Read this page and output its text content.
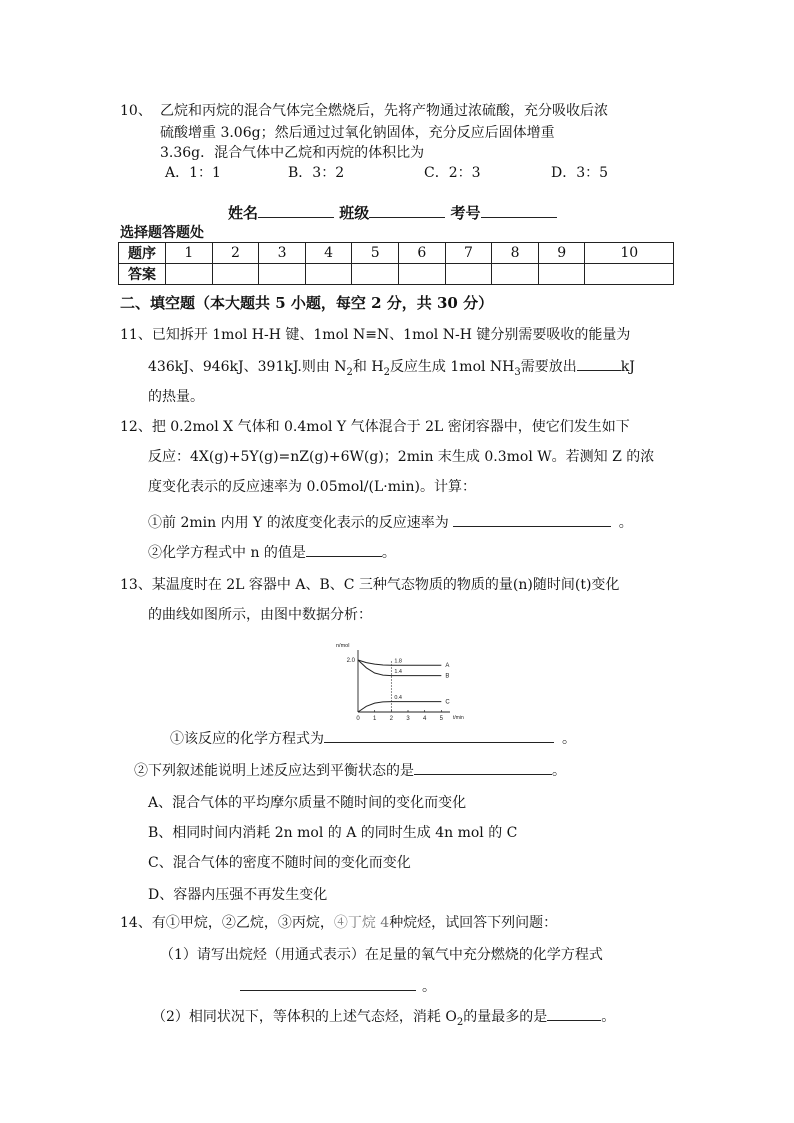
10、 乙烷和丙烷的混合气体完全燃烧后，先将产物通过浓硫酸，充分吸收后浓
硫酸增重 3.06g；然后通过过氧化钠固体，充分反应后固体增重
3.36g．混合气体中乙烷和丙烷的体积比为
A．1：1	B．3：2	C．2：3	D．3：5
姓名	班级	考号
选择题答题处
题序	1	2	3	4	5	6	7	8	9	10
答案										
二、填空题（本大题共 5 小题，每空 2 分，共 30 分）
11、已知拆开 1mol H-H 键、1mol N≡N、1mol N-H 键分别需要吸收的能量为
436kJ、946kJ、391kJ.则由 $N_2$和 $H_2$反应生成 1mol $NH_3$需要放出	kJ
的热量。
12、把 0.2mol X 气体和 0.4mol Y 气体混合于 2L 密闭容器中，使它们发生如下
反应：4X(g)+5Y(g)=nZ(g)+6W(g)；2min 末生成 0.3mol W。若测知 Z 的浓
度变化表示的反应速率为 0.05mol/(L·min)。计算：
①前 2min 内用 Y 的浓度变化表示的反应速率为	。
②化学方程式中 n 的值是	。
13、某温度时在 2L 容器中 A、B、C 三种气态物质的物质的量(n)随时间(t)变化
的曲线如图所示，由图中数据分析：
n/mol
t/min
2.0
0 1 2 3 4 5
A
B
C
1.8
1.4
0.4
①该反应的化学方程式为	。
②下列叙述能说明上述反应达到平衡状态的是	。
A、混合气体的平均摩尔质量不随时间的变化而变化
B、相同时间内消耗 2n mol 的 A 的同时生成 4n mol 的 C
C、混合气体的密度不随时间的变化而变化
D、容器内压强不再发生变化
14、有①甲烷，②乙烷，③丙烷，④丁烷 4种烷烃，试回答下列问题：
（1）请写出烷烃（用通式表示）在足量的氧气中充分燃烧的化学方程式
。
（2）相同状况下，等体积的上述气态烃，消耗 $O_2$的量最多的是	。
